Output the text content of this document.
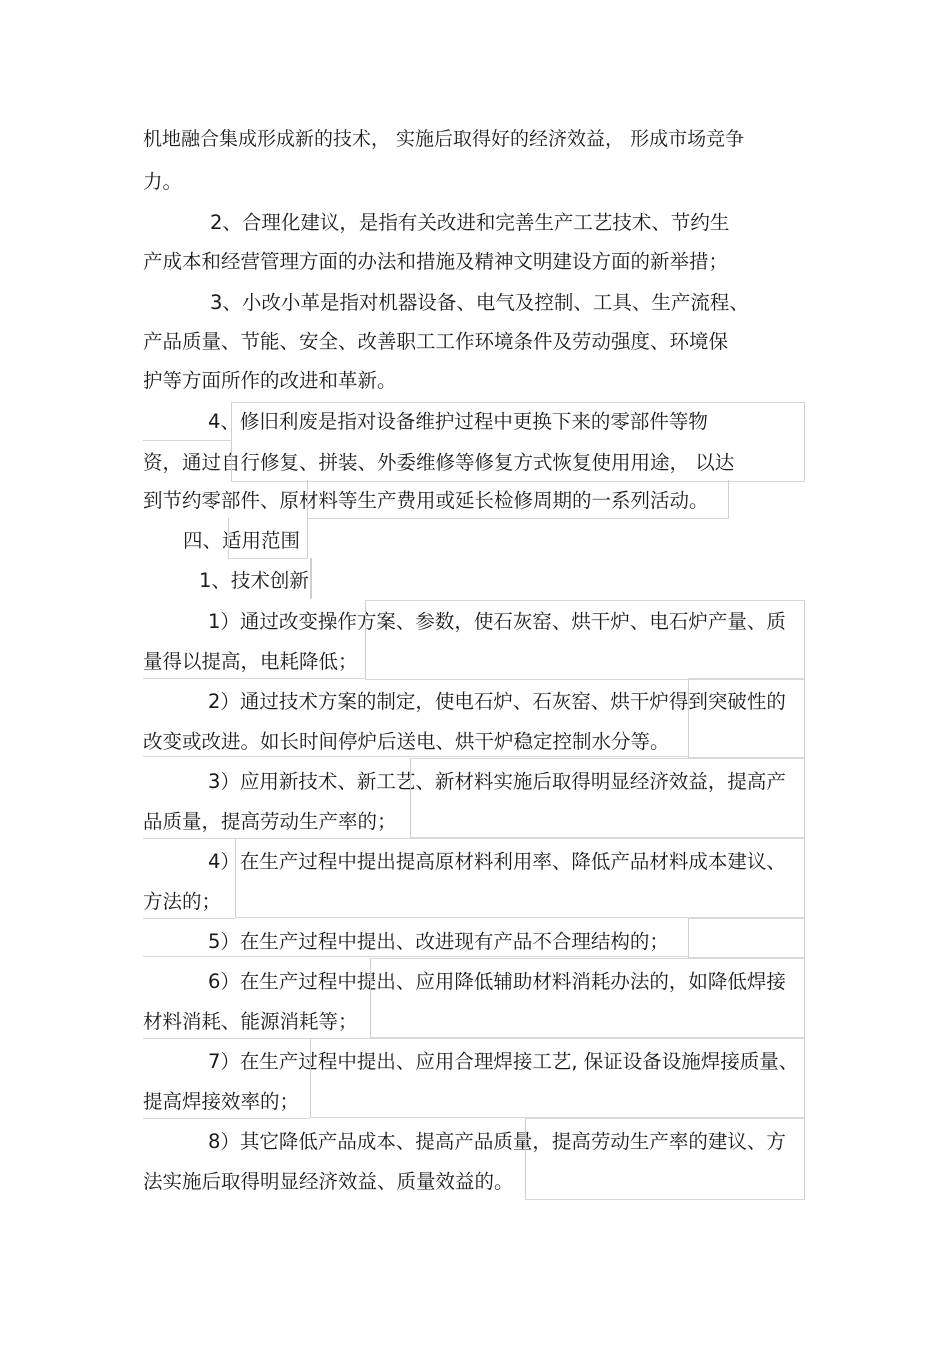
机地融合集成形成新的技术， 实施后取得好的经济效益， 形成市场竞争
力。
2、合理化建议，是指有关改进和完善生产工艺技术、节约生
产成本和经营管理方面的办法和措施及精神文明建设方面的新举措；
3、小改小革是指对机器设备、电气及控制、工具、生产流程、
产品质量、节能、安全、改善职工工作环境条件及劳动强度、环境保
护等方面所作的改进和革新。
4、修旧利废是指对设备维护过程中更换下来的零部件等物
资，通过自行修复、拼装、外委维修等修复方式恢复使用用途， 以达
到节约零部件、原材料等生产费用或延长检修周期的一系列活动。
四、适用范围
1、技术创新
1）通过改变操作方案、参数，使石灰窑、烘干炉、电石炉产量、质
量得以提高，电耗降低；
2）通过技术方案的制定，使电石炉、石灰窑、烘干炉得到突破性的
改变或改进。如长时间停炉后送电、烘干炉稳定控制水分等。
3）应用新技术、新工艺、新材料实施后取得明显经济效益，提高产
品质量，提高劳动生产率的；
4）在生产过程中提出提高原材料利用率、降低产品材料成本建议、
方法的；
5）在生产过程中提出、改进现有产品不合理结构的；
6）在生产过程中提出、应用降低辅助材料消耗办法的，如降低焊接
材料消耗、能源消耗等；
7）在生产过程中提出、应用合理焊接工艺, 保证设备设施焊接质量、
提高焊接效率的；
8）其它降低产品成本、提高产品质量，提高劳动生产率的建议、方
法实施后取得明显经济效益、质量效益的。
